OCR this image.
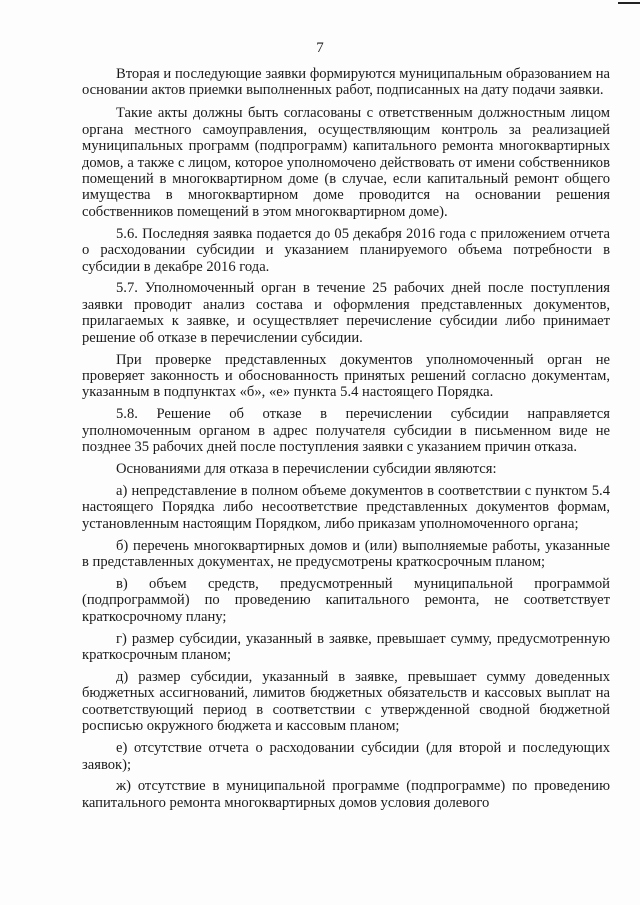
7

Вторая и последующие заявки формируются муниципальным образованием на основании актов приемки выполненных работ, подписанных на дату подачи заявки.

Такие акты должны быть согласованы с ответственным должностным лицом органа местного самоуправления, осуществляющим контроль за реализацией муниципальных программ (подпрограмм) капитального ремонта многоквартирных домов, а также с лицом, которое уполномочено действовать от имени собственников помещений в многоквартирном доме (в случае, если капитальный ремонт общего имущества в многоквартирном доме проводится на основании решения собственников помещений в этом многоквартирном доме).

5.6. Последняя заявка подается до 05 декабря 2016 года с приложением отчета о расходовании субсидии и указанием планируемого объема потребности в субсидии в декабре 2016 года.

5.7. Уполномоченный орган в течение 25 рабочих дней после поступления заявки проводит анализ состава и оформления представленных документов, прилагаемых к заявке, и осуществляет перечисление субсидии либо принимает решение об отказе в перечислении субсидии.

При проверке представленных документов уполномоченный орган не проверяет законность и обоснованность принятых решений согласно документам, указанным в подпунктах «б», «е» пункта 5.4 настоящего Порядка.

5.8. Решение об отказе в перечислении субсидии направляется уполномоченным органом в адрес получателя субсидии в письменном виде не позднее 35 рабочих дней после поступления заявки с указанием причин отказа.

Основаниями для отказа в перечислении субсидии являются:

а) непредставление в полном объеме документов в соответствии с пунктом 5.4 настоящего Порядка либо несоответствие представленных документов формам, установленным настоящим Порядком, либо приказам уполномоченного органа;

б) перечень многоквартирных домов и (или) выполняемые работы, указанные в представленных документах, не предусмотрены краткосрочным планом;

в) объем средств, предусмотренный муниципальной программой (подпрограммой) по проведению капитального ремонта, не соответствует краткосрочному плану;

г) размер субсидии, указанный в заявке, превышает сумму, предусмотренную краткосрочным планом;

д) размер субсидии, указанный в заявке, превышает сумму доведенных бюджетных ассигнований, лимитов бюджетных обязательств и кассовых выплат на соответствующий период в соответствии с утвержденной сводной бюджетной росписью окружного бюджета и кассовым планом;

е) отсутствие отчета о расходовании субсидии (для второй и последующих заявок);

ж) отсутствие в муниципальной программе (подпрограмме) по проведению капитального ремонта многоквартирных домов условия долевого
